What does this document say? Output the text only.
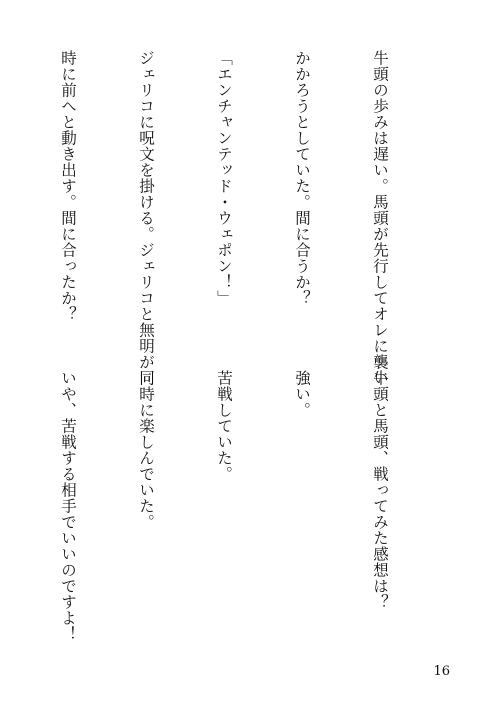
牛頭の歩みは遅い。馬頭が先行してオレに襲い

かかろうとしていた。間に合うか？

「エンチャンテッド・ウェポン！」

ジェリコに呪文を掛ける。ジェリコと無明が同

時に前へと動き出す。間に合ったか？

牛頭と馬頭、戦ってみた感想は？

強い。

苦戦していた。

同時に楽しんでいた。

いや、苦戦する相手でいいのですよ！

16
